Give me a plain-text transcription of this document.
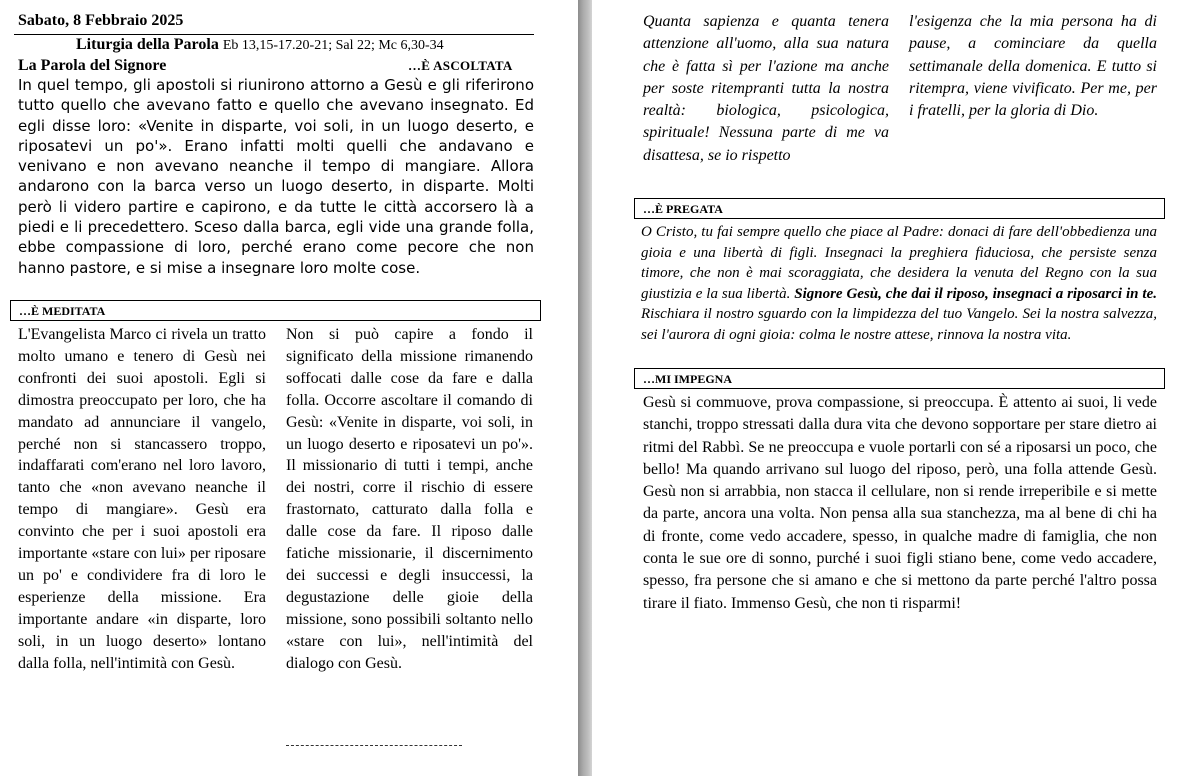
Sabato, 8 Febbraio 2025
Liturgia della Parola Eb 13,15-17.20-21; Sal 22; Mc 6,30-34
La Parola del Signore	…È ASCOLTATA

In quel tempo, gli apostoli si riunirono attorno a Gesù e gli riferirono tutto quello che avevano fatto e quello che avevano insegnato. Ed egli disse loro: «Venite in disparte, voi soli, in un luogo deserto, e riposatevi un po'». Erano infatti molti quelli che andavano e venivano e non avevano neanche il tempo di mangiare. Allora andarono con la barca verso un luogo deserto, in disparte. Molti però li videro partire e capirono, e da tutte le città accorsero là a piedi e li precedettero. Sceso dalla barca, egli vide una grande folla, ebbe compassione di loro, perché erano come pecore che non hanno pastore, e si mise a insegnare loro molte cose.

…È MEDITATA

L'Evangelista Marco ci rivela un tratto molto umano e tenero di Gesù nei confronti dei suoi apostoli. Egli si dimostra preoccupato per loro, che ha mandato ad annunciare il vangelo, perché non si stancassero troppo, indaffarati com'erano nel loro lavoro, tanto che «non avevano neanche il tempo di mangiare». Gesù era convinto che per i suoi apostoli era importante «stare con lui» per riposare un po' e condividere fra di loro le esperienze della missione. Era importante andare «in disparte, loro soli, in un luogo deserto» lontano dalla folla, nell'intimità con Gesù.

Non si può capire a fondo il significato della missione rimanendo soffocati dalle cose da fare e dalla folla. Occorre ascoltare il comando di Gesù: «Venite in disparte, voi soli, in un luogo deserto e riposatevi un po'». Il missionario di tutti i tempi, anche dei nostri, corre il rischio di essere frastornato, catturato dalla folla e dalle cose da fare. Il riposo dalle fatiche missionarie, il discernimento dei successi e degli insuccessi, la degustazione delle gioie della missione, sono possibili soltanto nello «stare con lui», nell'intimità del dialogo con Gesù.

Quanta sapienza e quanta tenera attenzione all'uomo, alla sua natura che è fatta sì per l'azione ma anche per soste ritempranti tutta la nostra realtà: biologica, psicologica, spirituale! Nessuna parte di me va disattesa, se io rispetto

l'esigenza che la mia persona ha di pause, a cominciare da quella settimanale della domenica. E tutto si ritempra, viene vivificato. Per me, per i fratelli, per la gloria di Dio.

…È PREGATA

O Cristo, tu fai sempre quello che piace al Padre: donaci di fare dell'obbedienza una gioia e una libertà di figli. Insegnaci la preghiera fiduciosa, che persiste senza timore, che non è mai scoraggiata, che desidera la venuta del Regno con la sua giustizia e la sua libertà. Signore Gesù, che dai il riposo, insegnaci a riposarci in te. Rischiara il nostro sguardo con la limpidezza del tuo Vangelo. Sei la nostra salvezza, sei l'aurora di ogni gioia: colma le nostre attese, rinnova la nostra vita.

…MI IMPEGNA

Gesù si commuove, prova compassione, si preoccupa. È attento ai suoi, li vede stanchi, troppo stressati dalla dura vita che devono sopportare per stare dietro ai ritmi del Rabbì. Se ne preoccupa e vuole portarli con sé a riposarsi un poco, che bello! Ma quando arrivano sul luogo del riposo, però, una folla attende Gesù. Gesù non si arrabbia, non stacca il cellulare, non si rende irreperibile e si mette da parte, ancora una volta. Non pensa alla sua stanchezza, ma al bene di chi ha di fronte, come vedo accadere, spesso, in qualche madre di famiglia, che non conta le sue ore di sonno, purché i suoi figli stiano bene, come vedo accadere, spesso, fra persone che si amano e che si mettono da parte perché l'altro possa tirare il fiato. Immenso Gesù, che non ti risparmi!
